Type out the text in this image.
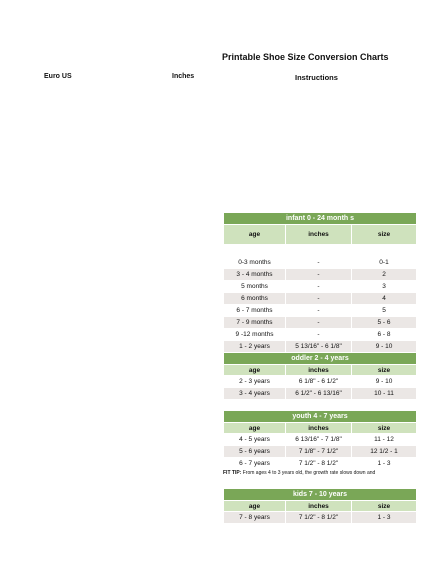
Printable Shoe Size Conversion Charts
Euro US	Inches	Instructions
infant 0 - 24 month s		
age	inches	size

0-3 months	-	0-1
3 - 4 months	-	2
5 months	-	3
6 months	-	4
6 - 7 months	-	5
7 - 9 months	-	5 - 6
9 -12 months	-	6 - 8
1 - 2 years	5 13/16" - 6 1/8"	9 - 10
oddler 2 - 4 years		
age	inches	size
2 - 3 years	6 1/8" - 6 1/2"	9 - 10
3 - 4 years	6 1/2" - 6 13/16"	10 - 11
youth 4 - 7 years		
age	inches	size
4 - 5 years	6 13/16" - 7 1/8"	11 - 12
5 - 6 years	7 1/8" - 7 1/2"	12 1/2 - 1
6 - 7 years	7 1/2" - 8 1/2"	1 - 3
FIT TIP: From ages 4 to 3 years old, the growth rate slows down and
kids 7 - 10 years		
age	inches	size
7 - 8 years	7 1/2" - 8 1/2"	1 - 3
